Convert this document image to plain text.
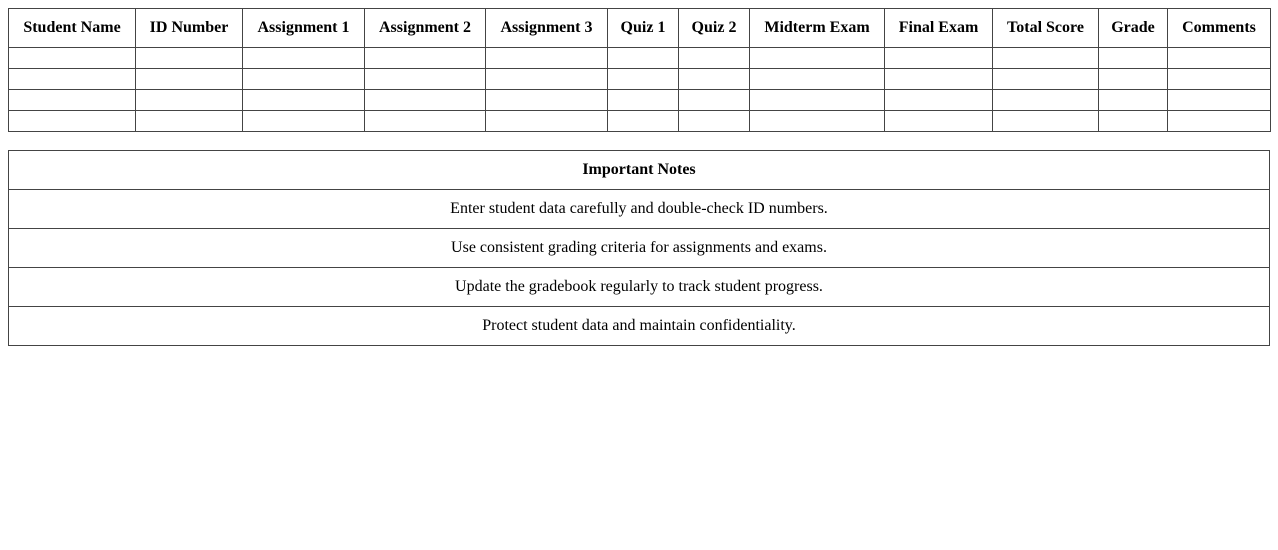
Student Name	ID Number	Assignment 1	Assignment 2	Assignment 3	Quiz 1	Quiz 2	Midterm Exam	Final Exam	Total Score	Grade	Comments

Important Notes
Enter student data carefully and double-check ID numbers.
Use consistent grading criteria for assignments and exams.
Update the gradebook regularly to track student progress.
Protect student data and maintain confidentiality.
